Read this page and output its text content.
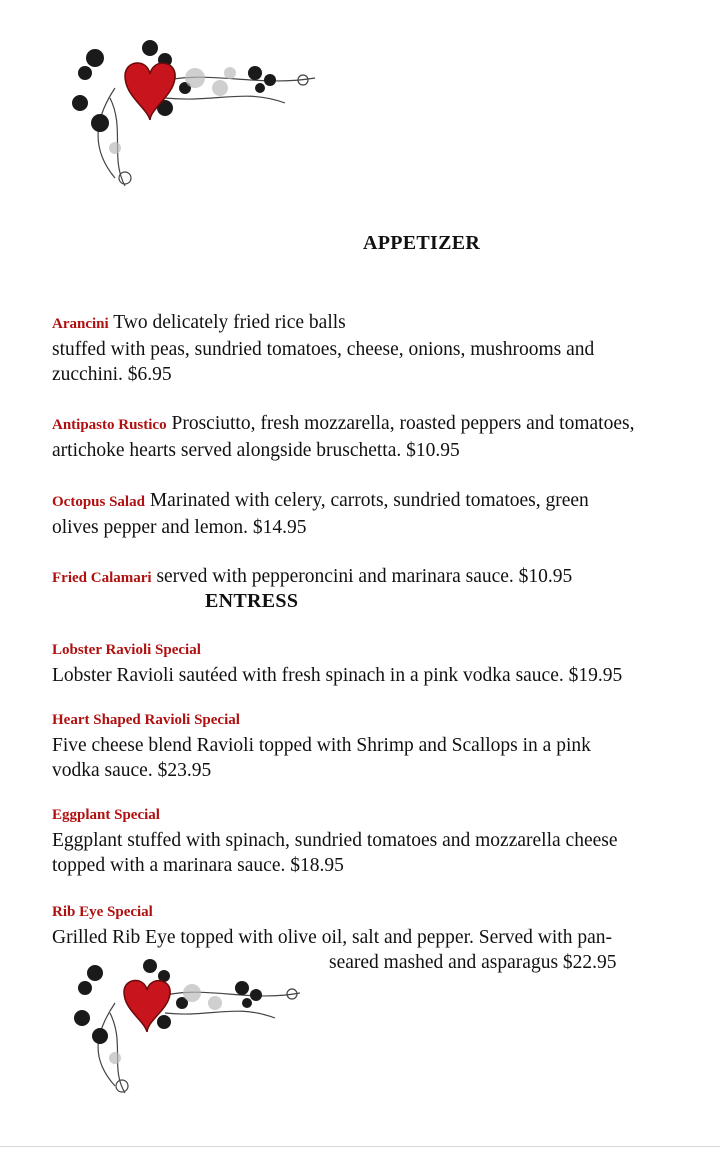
APPETIZER
Arancini Two delicately fried rice balls
stuffed with peas, sundried tomatoes, cheese, onions, mushrooms and
zucchini. $6.95
Antipasto Rustico Prosciutto, fresh mozzarella, roasted peppers and tomatoes,
artichoke hearts served alongside bruschetta. $10.95
Octopus Salad Marinated with celery, carrots, sundried tomatoes, green
olives pepper and lemon. $14.95
Fried Calamari served with pepperoncini and marinara sauce. $10.95
ENTRESS
Lobster Ravioli Special
Lobster Ravioli sautéed with fresh spinach in a pink vodka sauce. $19.95
Heart Shaped Ravioli Special
Five cheese blend Ravioli topped with Shrimp and Scallops in a pink
vodka sauce. $23.95
Eggplant Special
Eggplant stuffed with spinach, sundried tomatoes and mozzarella cheese
topped with a marinara sauce. $18.95
Rib Eye Special
Grilled Rib Eye topped with olive oil, salt and pepper. Served with pan-
seared mashed and asparagus $22.95
